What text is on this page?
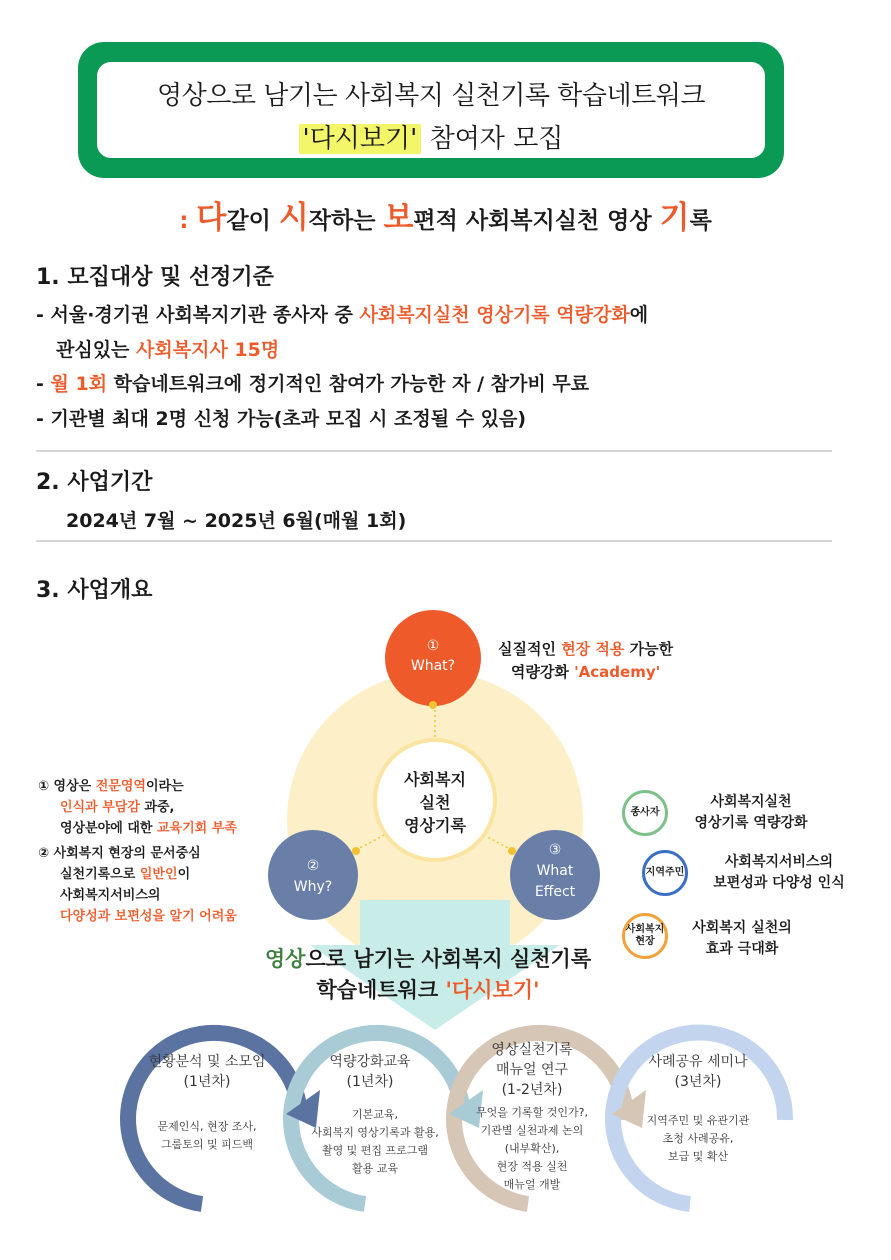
영상으로 남기는 사회복지 실천기록 학습네트워크
'다시보기' 참여자 모집
: 다같이 시작하는 보편적 사회복지실천 영상 기록
1. 모집대상 및 선정기준
- 서울·경기권 사회복지기관 종사자 중 사회복지실천 영상기록 역량강화에
관심있는 사회복지사 15명
- 월 1회 학습네트워크에 정기적인 참여가 가능한 자 / 참가비 무료
- 기관별 최대 2명 신청 가능(초과 모집 시 조정될 수 있음)
2. 사업기간
2024년 7월 ~ 2025년 6월(매월 1회)
3. 사업개요
①
What?
②
Why?
③
What
Effect
사회복지
실천
영상기록
실질적인 현장 적용 가능한
역량강화 'Academy'
① 영상은 전문영역이라는
인식과 부담감 과중,
영상분야에 대한 교육기회 부족
② 사회복지 현장의 문서중심
실천기록으로 일반인이
사회복지서비스의
다양성과 보편성을 알기 어려움
종사자
사회복지실천
영상기록 역량강화
지역주민
사회복지서비스의
보편성과 다양성 인식
사회복지
현장
사회복지 실천의
효과 극대화
영상으로 남기는 사회복지 실천기록
학습네트워크 '다시보기'
현황분석 및 소모임
(1년차)
문제인식, 현장 조사,
그룹토의 및 피드백
역량강화교육
(1년차)
기본교육,
사회복지 영상기록과 활용,
촬영 및 편집 프로그램
활용 교육
영상실천기록
매뉴얼 연구
(1-2년차)
무엇을 기록할 것인가?,
기관별 실천과제 논의
(내부확산),
현장 적용 실천
매뉴얼 개발
사례공유 세미나
(3년차)
지역주민 및 유관기관
초청 사례공유,
보급 및 확산
